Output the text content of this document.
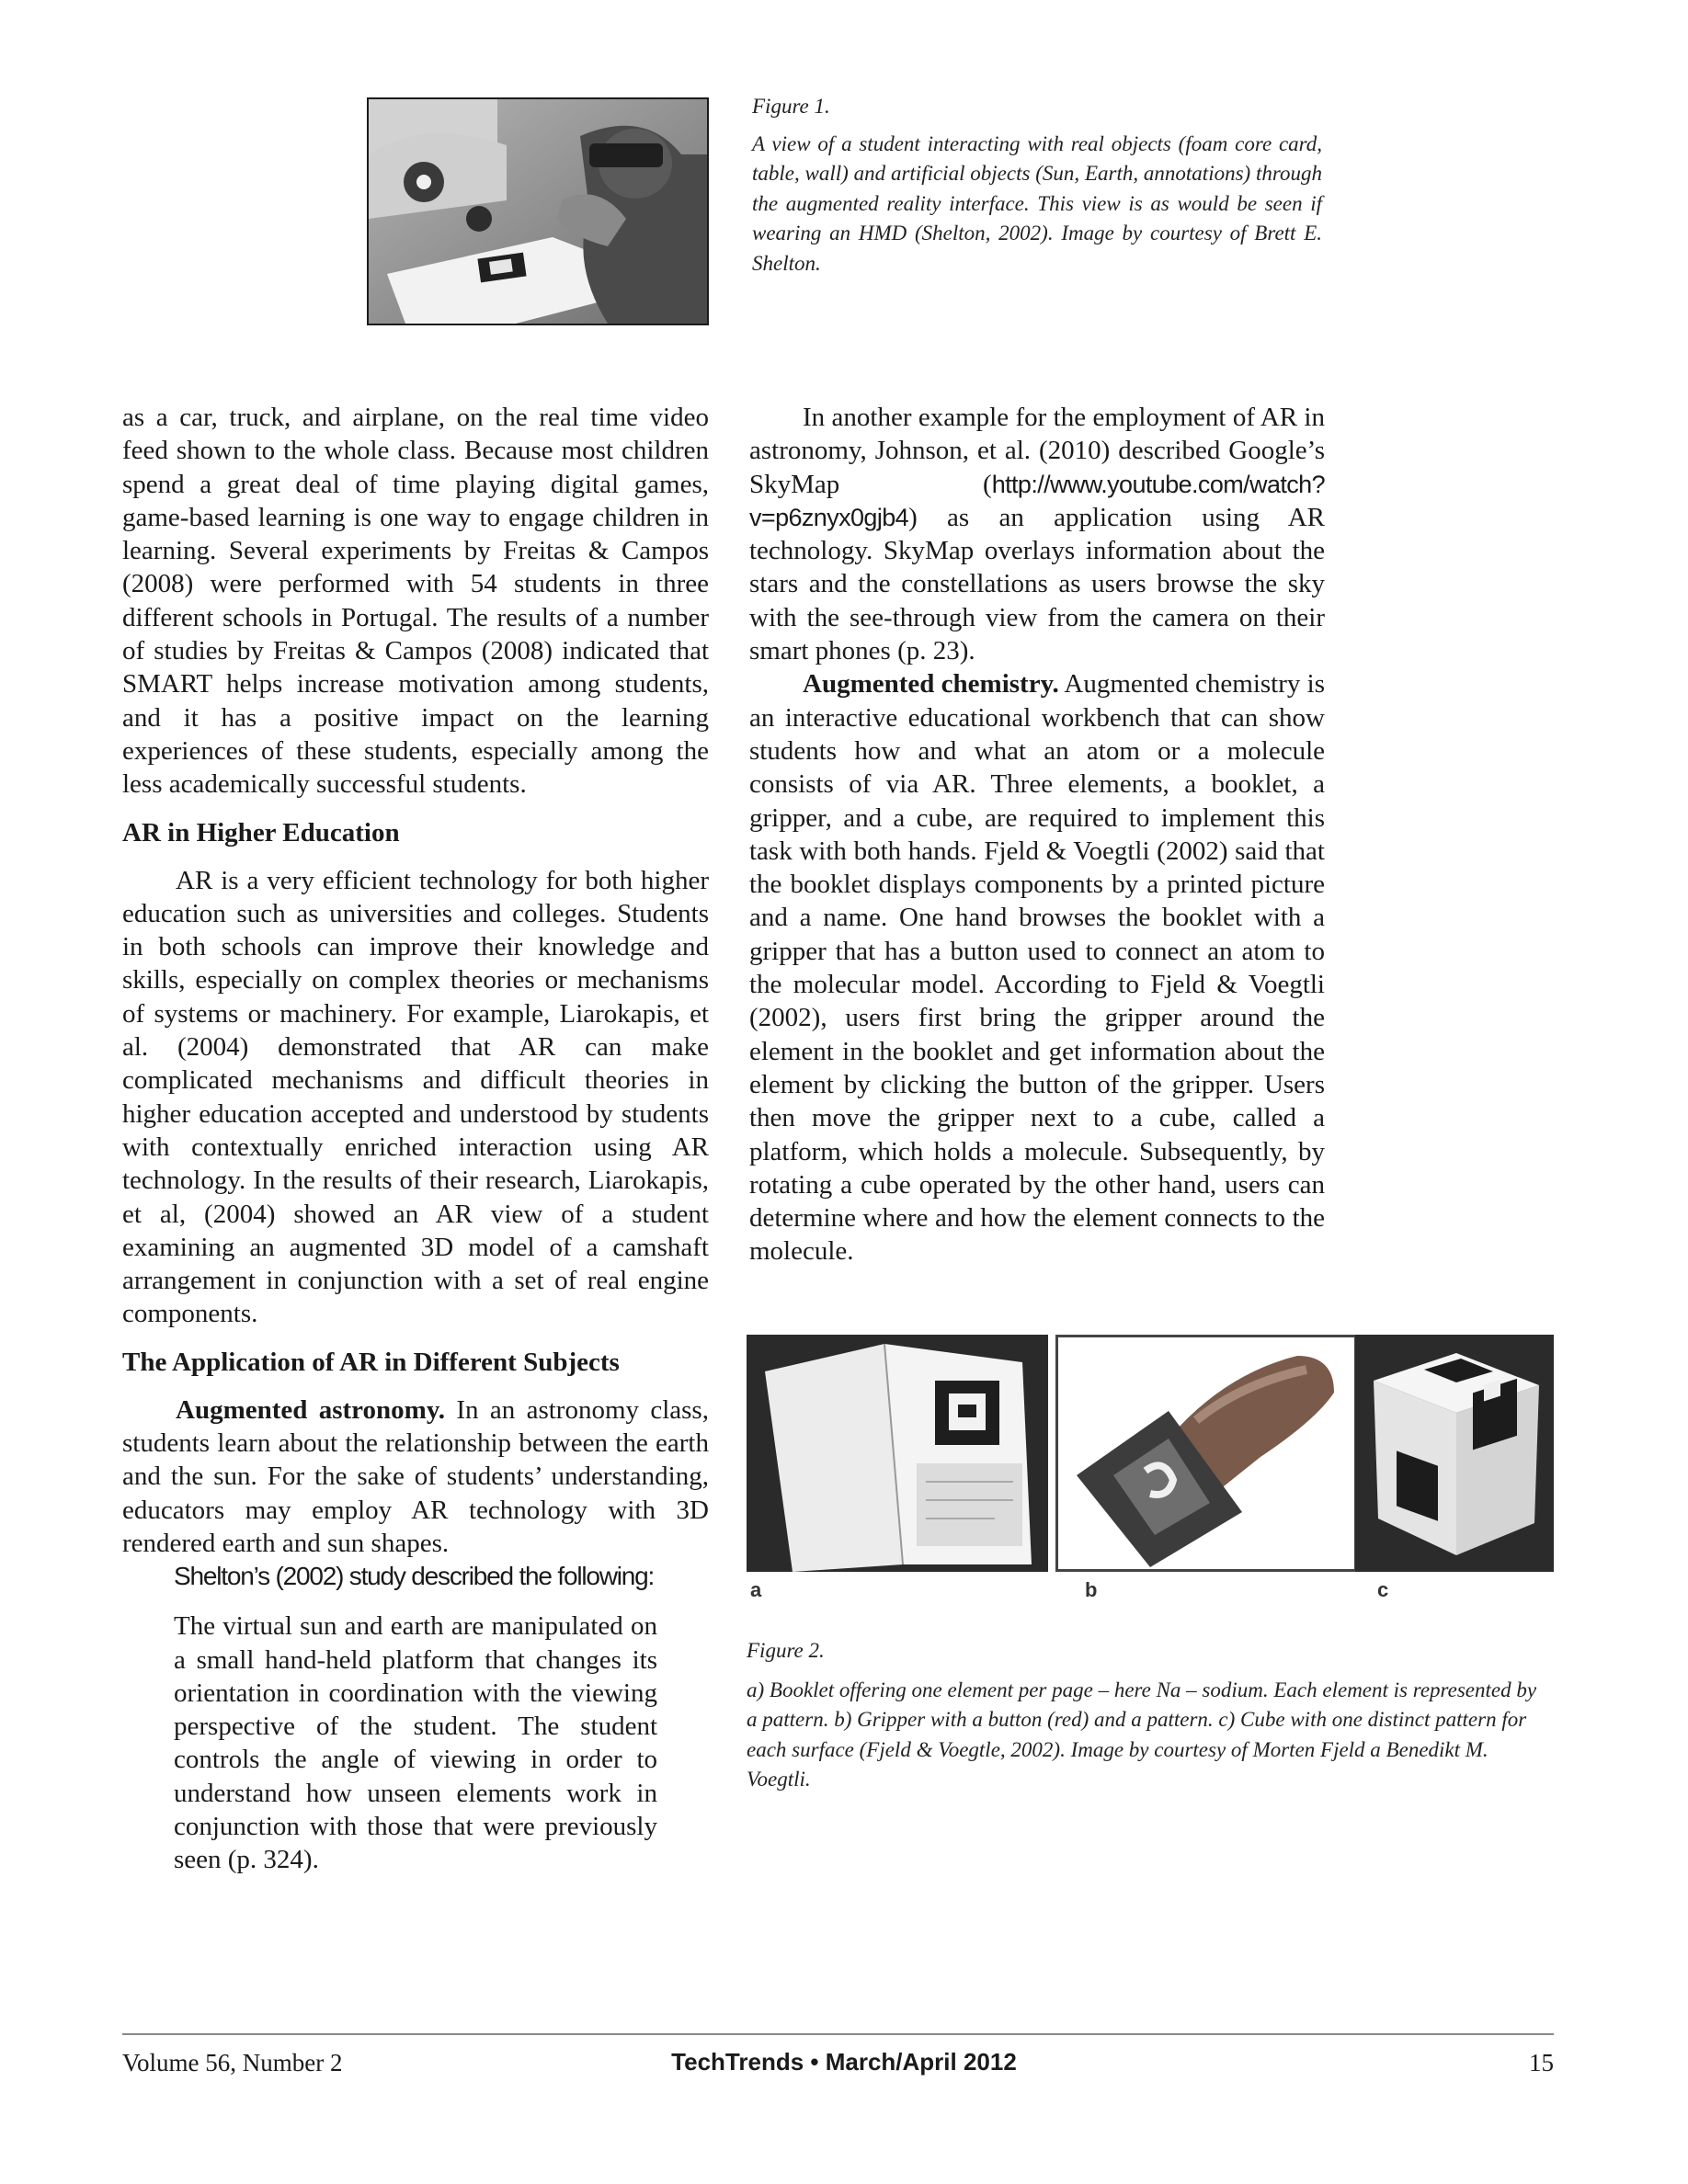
Figure 1.
A view of a student interacting with real objects (foam core card, table, wall) and artificial objects (Sun, Earth, annotations) through the augmented reality interface. This view is as would be seen if wearing an HMD (Shelton, 2002). Image by courtesy of Brett E. Shelton.

as a car, truck, and airplane, on the real time video feed shown to the whole class. Because most children spend a great deal of time playing digital games, game-based learning is one way to engage children in learning. Several experiments by Freitas & Campos (2008) were performed with 54 students in three different schools in Portugal. The results of a number of studies by Freitas & Campos (2008) indicated that SMART helps increase motivation among students, and it has a positive impact on the learning experiences of these students, especially among the less academically successful students.

AR in Higher Education

AR is a very efficient technology for both higher education such as universities and colleges. Students in both schools can improve their knowledge and skills, especially on complex theories or mechanisms of systems or machinery. For example, Liarokapis, et al. (2004) demonstrated that AR can make complicated mechanisms and difficult theories in higher education accepted and understood by students with contextually enriched interaction using AR technology. In the results of their research, Liarokapis, et al, (2004) showed an AR view of a student examining an augmented 3D model of a camshaft arrangement in conjunction with a set of real engine components.

The Application of AR in Different Subjects

Augmented astronomy. In an astronomy class, students learn about the relationship between the earth and the sun. For the sake of students’ understanding, educators may employ AR technology with 3D rendered earth and sun shapes.

Shelton’s (2002) study described the following:
The virtual sun and earth are manipulated on a small hand-held platform that changes its orientation in coordination with the viewing perspective of the student. The student controls the angle of viewing in order to understand how unseen elements work in conjunction with those that were previously seen (p. 324).

In another example for the employment of AR in astronomy, Johnson, et al. (2010) described Google’s SkyMap (http://www.youtube.com/watch?v=p6znyx0gjb4) as an application using AR technology. SkyMap overlays information about the stars and the constellations as users browse the sky with the see-through view from the camera on their smart phones (p. 23).

Augmented chemistry. Augmented chemistry is an interactive educational workbench that can show students how and what an atom or a molecule consists of via AR. Three elements, a booklet, a gripper, and a cube, are required to implement this task with both hands. Fjeld & Voegtli (2002) said that the booklet displays components by a printed picture and a name. One hand browses the booklet with a gripper that has a button used to connect an atom to the molecular model. According to Fjeld & Voegtli (2002), users first bring the gripper around the element in the booklet and get information about the element by clicking the button of the gripper. Users then move the gripper next to a cube, called a platform, which holds a molecule. Subsequently, by rotating a cube operated by the other hand, users can determine where and how the element connects to the molecule.

a	b	c
Figure 2.
a) Booklet offering one element per page – here Na – sodium. Each element is represented by a pattern. b) Gripper with a button (red) and a pattern. c) Cube with one distinct pattern for each surface (Fjeld & Voegtle, 2002). Image by courtesy of Morten Fjeld a Benedikt M. Voegtli.
Volume 56, Number 2	TechTrends • March/April 2012	15
